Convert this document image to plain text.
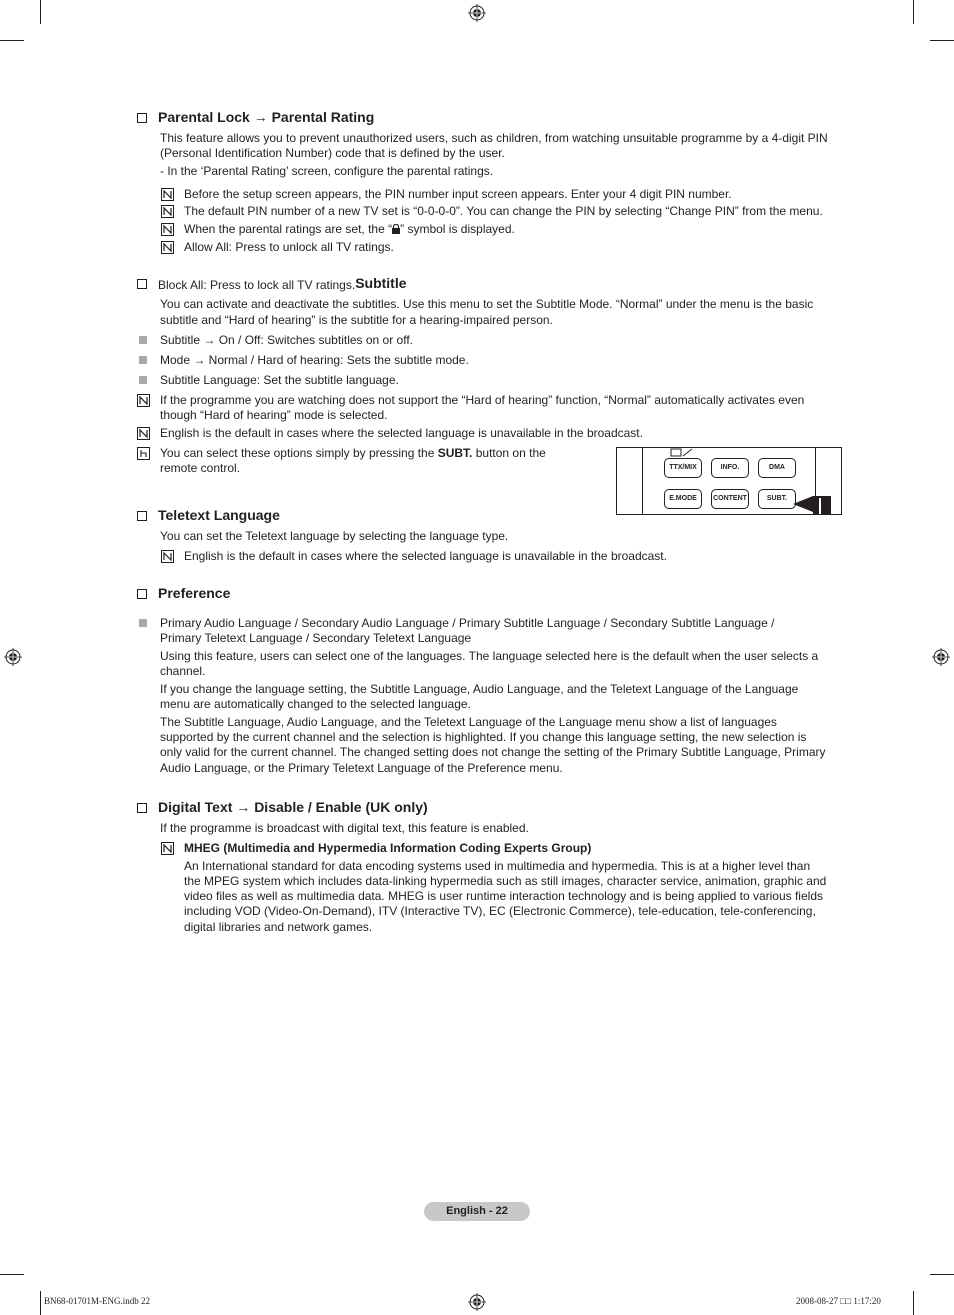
Parental Lock → Parental Rating
This feature allows you to prevent unauthorized users, such as children, from watching unsuitable programme by a 4-digit PIN
(Personal Identification Number) code that is defined by the user.
- In the ‘Parental Rating’ screen, configure the parental ratings.
Before the setup screen appears, the PIN number input screen appears. Enter your 4 digit PIN number.
The default PIN number of a new TV set is “0-0-0-0”. You can change the PIN by selecting “Change PIN” from the menu.
When the parental ratings are set, the “ ” symbol is displayed.
Allow All: Press to unlock all TV ratings.
Block All: Press to lock all TV ratings. Subtitle
You can activate and deactivate the subtitles. Use this menu to set the Subtitle Mode. “Normal” under the menu is the basic
subtitle and “Hard of hearing” is the subtitle for a hearing-impaired person.
Subtitle → On / Off: Switches subtitles on or off.
Mode → Normal / Hard of hearing: Sets the subtitle mode.
Subtitle Language: Set the subtitle language.
If the programme you are watching does not support the “Hard of hearing” function, “Normal” automatically activates even
though “Hard of hearing” mode is selected.
English is the default in cases where the selected language is unavailable in the broadcast.
You can select these options simply by pressing the SUBT. button on the
remote control.	TTX/MIX	INFO.	DMA
E.MODE	CONTENT	SUBT.
Teletext Language
You can set the Teletext language by selecting the language type.
English is the default in cases where the selected language is unavailable in the broadcast.
Preference
Primary Audio Language / Secondary Audio Language / Primary Subtitle Language / Secondary Subtitle Language /
Primary Teletext Language / Secondary Teletext Language
Using this feature, users can select one of the languages. The language selected here is the default when the user selects a
channel.
If you change the language setting, the Subtitle Language, Audio Language, and the Teletext Language of the Language
menu are automatically changed to the selected language.
The Subtitle Language, Audio Language, and the Teletext Language of the Language menu show a list of languages
supported by the current channel and the selection is highlighted. If you change this language setting, the new selection is
only valid for the current channel. The changed setting does not change the setting of the Primary Subtitle Language, Primary
Audio Language, or the Primary Teletext Language of the Preference menu.
Digital Text → Disable / Enable (UK only)
If the programme is broadcast with digital text, this feature is enabled.
MHEG (Multimedia and Hypermedia Information Coding Experts Group)
An International standard for data encoding systems used in multimedia and hypermedia. This is at a higher level than
the MPEG system which includes data-linking hypermedia such as still images, character service, animation, graphic and
video files as well as multimedia data. MHEG is user runtime interaction technology and is being applied to various fields
including VOD (Video-On-Demand), ITV (Interactive TV), EC (Electronic Commerce), tele-education, tele-conferencing,
digital libraries and network games.
English - 22
BN68-01701M-ENG.indb 22	2008-08-27 □□ 1:17:20
